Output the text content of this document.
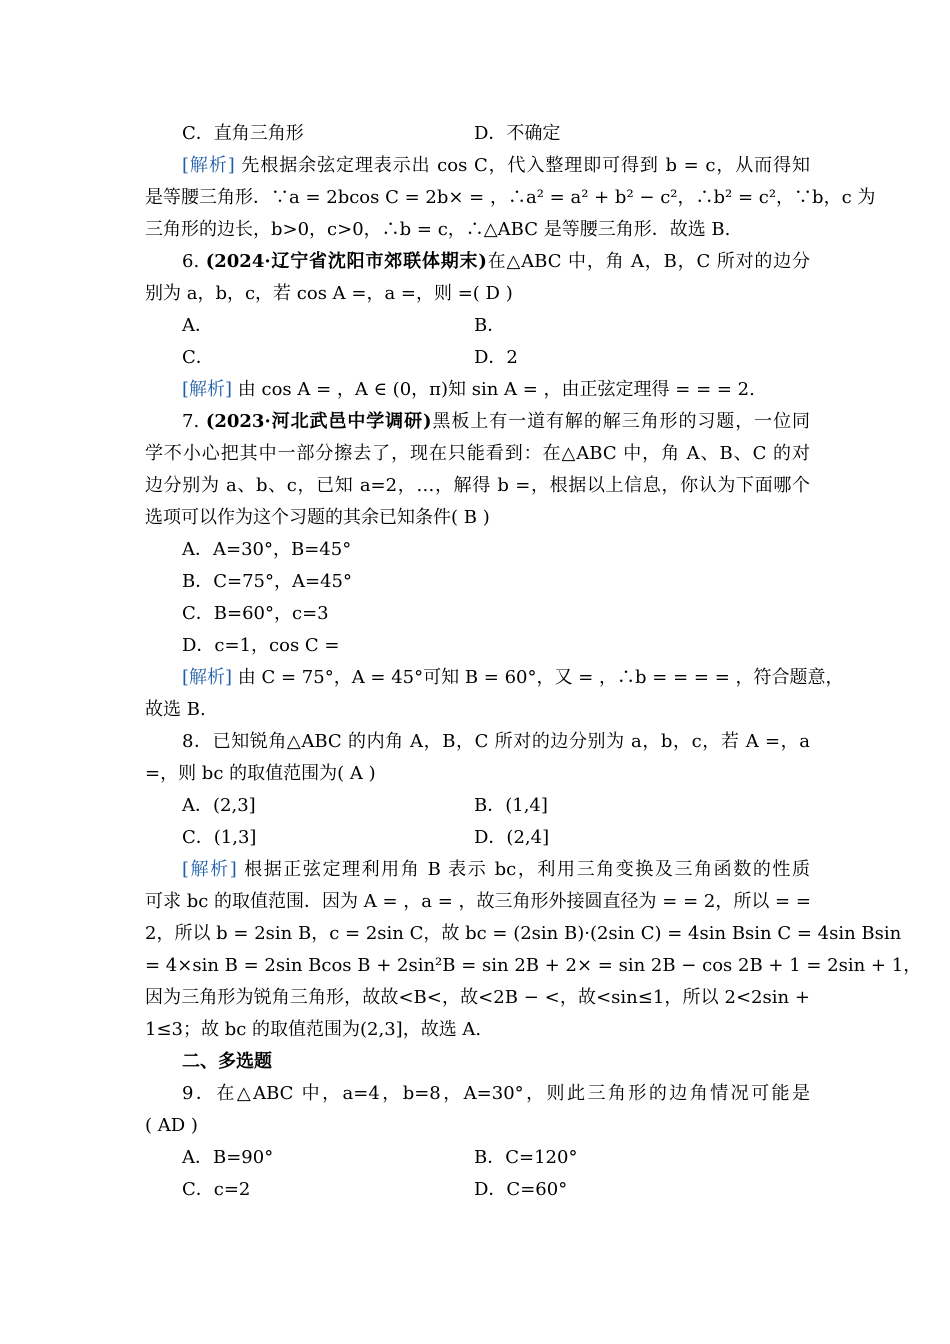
C．直角三角形	D．不确定
[解析] 先根据余弦定理表示出 cos C，代入整理即可得到 b = c，从而得知
是等腰三角形．∵a = 2bcos C = 2b× = ，∴a² = a² + b² − c²，∴b² = c²，∵b，c 为
三角形的边长，b>0，c>0，∴b = c，∴△ABC 是等腰三角形．故选 B.
6. (2024·辽宁省沈阳市郊联体期末)在△ABC 中，角 A，B，C 所对的边分
别为 a，b，c，若 cos A =，a =，则 =( D )
A．	B．
C．	D．2
[解析] 由 cos A = ，A ∈ (0，π)知 sin A = ，由正弦定理得 = = = 2.
7. (2023·河北武邑中学调研)黑板上有一道有解的解三角形的习题，一位同
学不小心把其中一部分擦去了，现在只能看到：在△ABC 中，角 A、B、C 的对
边分别为 a、b、c，已知 a=2，…，解得 b =，根据以上信息，你认为下面哪个
选项可以作为这个习题的其余已知条件( B )
A．A=30°，B=45°
B．C=75°，A=45°
C．B=60°，c=3
D．c=1，cos C =
[解析] 由 C = 75°，A = 45°可知 B = 60°，又 = ，∴b = = = = ，符合题意，
故选 B.
8．已知锐角△ABC 的内角 A，B，C 所对的边分别为 a，b，c，若 A =，a
=，则 bc 的取值范围为( A )
A．(2,3]	B．(1,4]
C．(1,3]	D．(2,4]
[解析] 根据正弦定理利用角 B 表示 bc，利用三角变换及三角函数的性质
可求 bc 的取值范围．因为 A = ，a = ，故三角形外接圆直径为 = = 2，所以 = =
2，所以 b = 2sin B，c = 2sin C，故 bc = (2sin B)·(2sin C) = 4sin Bsin C = 4sin Bsin
= 4×sin B = 2sin Bcos B + 2sin²B = sin 2B + 2× = sin 2B − cos 2B + 1 = 2sin + 1，
因为三角形为锐角三角形，故故<B<，故<2B − <，故<sin≤1，所以 2<2sin +
1≤3；故 bc 的取值范围为(2,3]，故选 A.
二、多选题
9．在△ABC 中，a=4，b=8，A=30°，则此三角形的边角情况可能是
( AD )
A．B=90°	B．C=120°
C．c=2	D．C=60°
